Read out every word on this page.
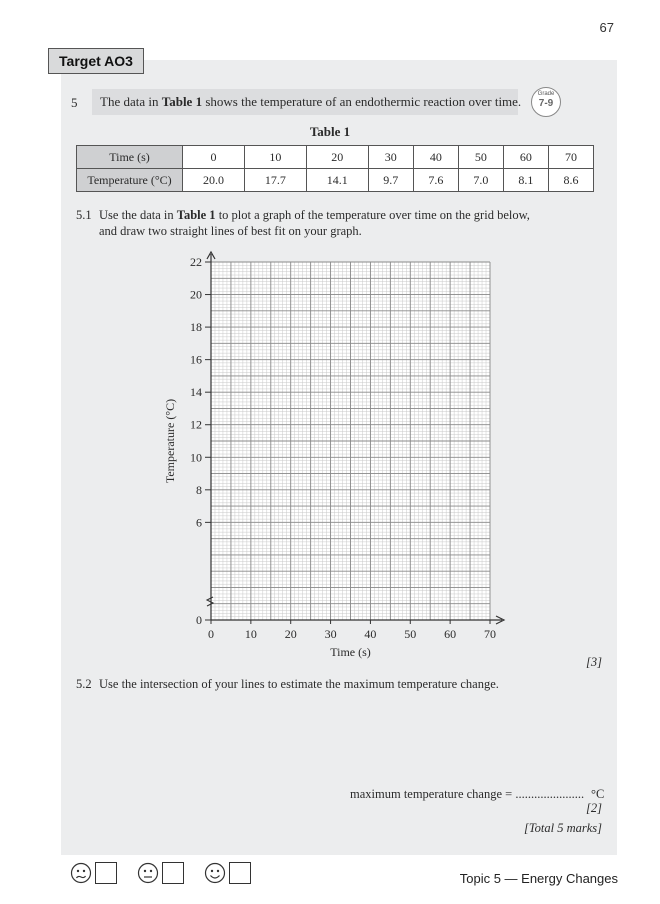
67
Target AO3
5	The data in Table 1 shows the temperature of an endothermic reaction over time.	Grade
7-9
Table 1
Time (s)	0	10	20	30	40	50	60	70
Temperature (°C)	20.0	17.7	14.1	9.7	7.6	7.0	8.1	8.6
5.1 Use the data in Table 1 to plot a graph of the temperature over time on the grid below,
and draw two straight lines of best fit on your graph.
0	10 20 30 40 50 60 70
0
6
8
10
12
14
16
18
20
22
Time (s)
Temperature (°C)
[3]
5.2 Use the intersection of your lines to estimate the maximum temperature change.
maximum temperature change = ...................... °C
[2]
[Total 5 marks]
Topic 5 — Energy Changes
